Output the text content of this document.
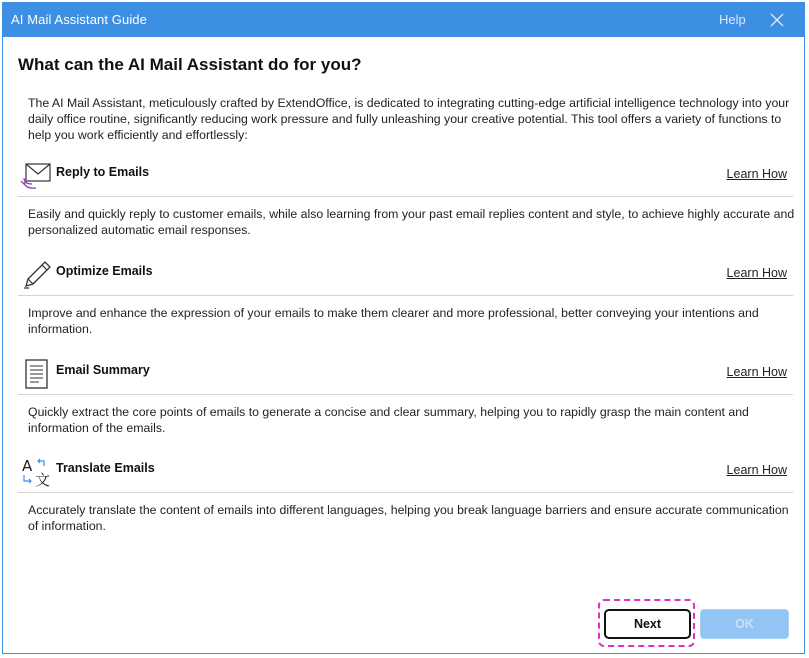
AI Mail Assistant Guide	Help
What can the AI Mail Assistant do for you?
The AI Mail Assistant, meticulously crafted by ExtendOffice, is dedicated to integrating cutting-edge artificial intelligence technology into your daily office routine, significantly reducing work pressure and fully unleashing your creative potential. This tool offers a variety of functions to help you work efficiently and effortlessly:
Reply to Emails	Learn How
Easily and quickly reply to customer emails, while also learning from your past email replies content and style, to achieve highly accurate and personalized automatic email responses.
Optimize Emails	Learn How
Improve and enhance the expression of your emails to make them clearer and more professional, better conveying your intentions and information.
Email Summary	Learn How
Quickly extract the core points of emails to generate a concise and clear summary, helping you to rapidly grasp the main content and information of the emails.
A
文
Translate Emails	Learn How
Accurately translate the content of emails into different languages, helping you break language barriers and ensure accurate communication of information.
Next	OK
